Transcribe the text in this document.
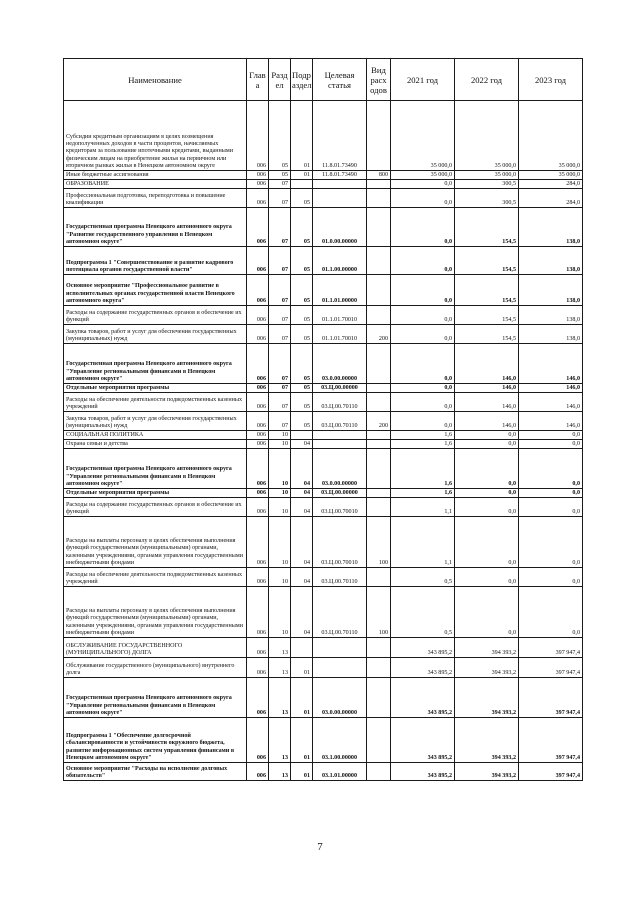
Наименование	Глав а	Разд ел	Подр аздел	Целевая статья	Вид расх одов	2021 год	2022 год	2023 год
Субсидии кредитным организациям в целях возмещения недополученных доходов в части процентов, начисляемых кредиторам за пользование ипотечными кредитами, выданными физическим лицам на приобретение жилья на первичном или вторичном рынках жилья в Ненецком автономном округе	006	05	01	11.8.01.73490		35 000,0	35 000,0	35 000,0
Иные бюджетные ассигнования	006	05	01	11.8.01.73490	800	35 000,0	35 000,0	35 000,0
ОБРАЗОВАНИЕ	006	07				0,0	300,5	284,0
Профессиональная подготовка, переподготовка и повышение квалификации	006	07	05			0,0	300,5	284,0
Государственная программа Ненецкого автономного округа "Развитие государственного управления в Ненецком автономном округе"	006	07	05	01.0.00.00000		0,0	154,5	138,0
Подпрограмма 1 "Совершенствование и развитие кадрового потенциала органов государственной власти"	006	07	05	01.1.00.00000		0,0	154,5	138,0
Основное мероприятие "Профессиональное развитие в исполнительных органах государственной власти Ненецкого автономного округа"	006	07	05	01.1.01.00000		0,0	154,5	138,0
Расходы на содержание государственных органов и обеспечение их функций	006	07	05	01.1.01.70010		0,0	154,5	138,0
Закупка товаров, работ и услуг для обеспечения государственных (муниципальных) нужд	006	07	05	01.1.01.70010	200	0,0	154,5	138,0
Государственная программа Ненецкого автономного округа "Управление региональными финансами в Ненецком автономном округе"	006	07	05	03.0.00.00000		0,0	146,0	146,0
Отдельные мероприятия программы	006	07	05	03.Ц.00.00000		0,0	146,0	146,0
Расходы на обеспечение деятельности подведомственных казенных учреждений	006	07	05	03.Ц.00.70110		0,0	146,0	146,0
Закупка товаров, работ и услуг для обеспечения государственных (муниципальных) нужд	006	07	05	03.Ц.00.70110	200	0,0	146,0	146,0
СОЦИАЛЬНАЯ ПОЛИТИКА	006	10				1,6	0,0	0,0
Охрана семьи и детства	006	10	04			1,6	0,0	0,0
Государственная программа Ненецкого автономного округа "Управление региональными финансами в Ненецком автономном округе"	006	10	04	03.0.00.00000		1,6	0,0	0,0
Отдельные мероприятия программы	006	10	04	03.Ц.00.00000		1,6	0,0	0,0
Расходы на содержание государственных органов и обеспечение их функций	006	10	04	03.Ц.00.70010		1,1	0,0	0,0
Расходы на выплаты персоналу в целях обеспечения выполнения функций государственными (муниципальными) органами, казенными учреждениями, органами управления государственными внебюджетными фондами	006	10	04	03.Ц.00.70010	100	1,1	0,0	0,0
Расходы на обеспечение деятельности подведомственных казенных учреждений	006	10	04	03.Ц.00.70110		0,5	0,0	0,0
Расходы на выплаты персоналу в целях обеспечения выполнения функций государственными (муниципальными) органами, казенными учреждениями, органами управления государственными внебюджетными фондами	006	10	04	03.Ц.00.70110	100	0,5	0,0	0,0
ОБСЛУЖИВАНИЕ ГОСУДАРСТВЕННОГО (МУНИЦИПАЛЬНОГО) ДОЛГА	006	13				343 895,2	394 393,2	397 947,4
Обслуживание государственного (муниципального) внутреннего долга	006	13	01			343 895,2	394 393,2	397 947,4
Государственная программа Ненецкого автономного округа "Управление региональными финансами в Ненецком автономном округе"	006	13	01	03.0.00.00000		343 895,2	394 393,2	397 947,4
Подпрограмма 1 "Обеспечение долгосрочной сбалансированности и устойчивости окружного бюджета, развитие информационных систем управления финансами в Ненецком автономном округе"	006	13	01	03.1.00.00000		343 895,2	394 393,2	397 947,4
Основное мероприятие "Расходы на исполнение долговых обязательств"	006	13	01	03.1.01.00000		343 895,2	394 393,2	397 947,4
7
